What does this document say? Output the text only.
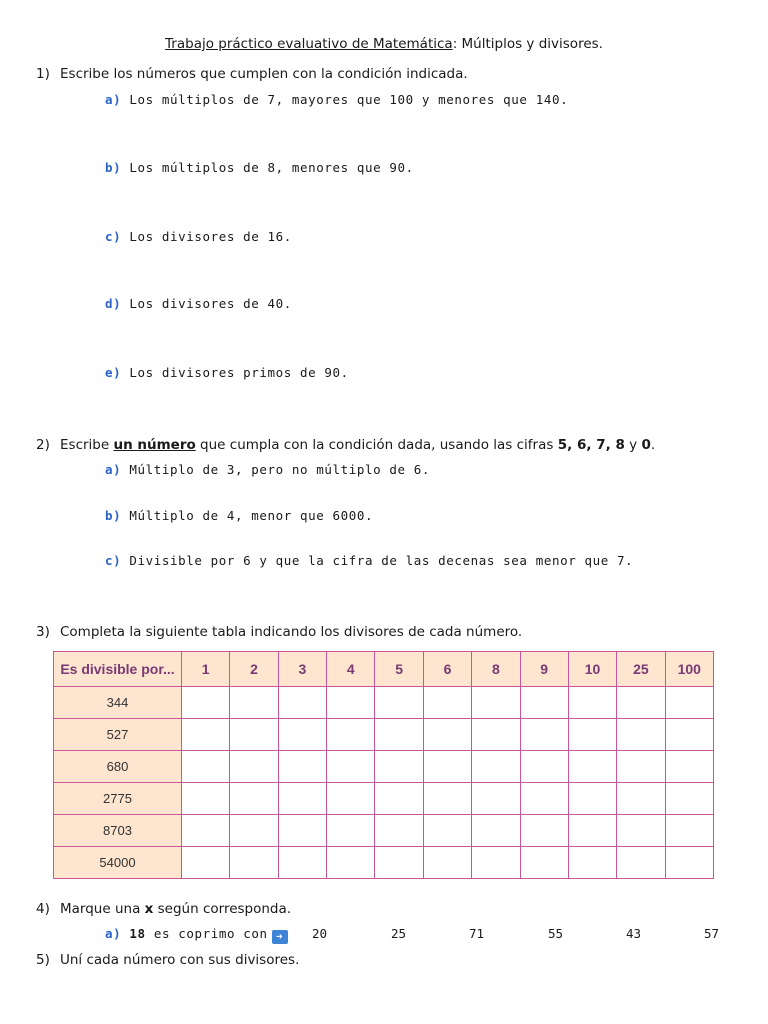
Trabajo práctico evaluativo de Matemática: Múltiplos y divisores.
1) Escribe los números que cumplen con la condición indicada.
a) Los múltiplos de 7, mayores que 100 y menores que 140.
b) Los múltiplos de 8, menores que 90.
c) Los divisores de 16.
d) Los divisores de 40.
e) Los divisores primos de 90.
2) Escribe un número que cumpla con la condición dada, usando las cifras 5, 6, 7, 8 y 0.
a) Múltiplo de 3, pero no múltiplo de 6.
b) Múltiplo de 4, menor que 6000.
c) Divisible por 6 y que la cifra de las decenas sea menor que 7.
3) Completa la siguiente tabla indicando los divisores de cada número.
Es divisible por...	1	2	3	4	5	6	8	9	10	25	100
344											
527											
680											
2775											
8703											
54000											
4) Marque una x según corresponda.
a) 18 es coprimo con ➜	20	25	71	55	43	57
5) Uní cada número con sus divisores.
